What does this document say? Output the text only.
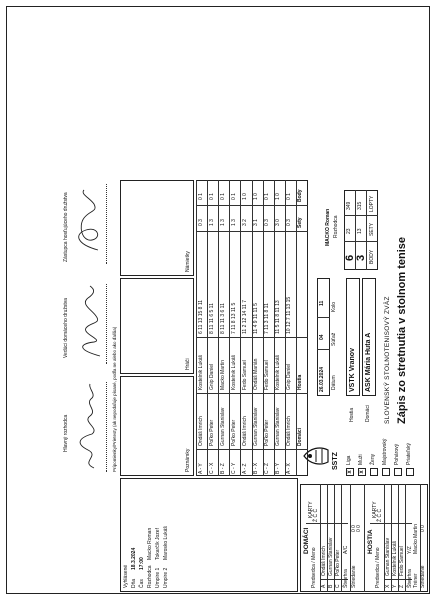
DOMÁCI
Predsedca / Meno
KARTY Ž Č Č
A
Ondáš Imrich
B
Gurnan Stanislav
C
Poľko Peter
Štvorhra
A/C
Striedanie
0 0 0 0
HOSTIA
Predsedca / Meno
KARTY Ž Č Č
X
Guman Stanislav
Y
Kostelnik Lukáš
Z
Fedo Samuel
Štvorhra
Y/Z
Tréner
Macko Martin
Striedanie
0 0
SSTZ
x
Liga
x
Muži Ženy Majstrovský Pohárový Priateľský
Zápis zo stretnutia v stolnom tenise
SLOVENSKÝ STOLNOTENISOVÝ ZVÄZ
Domáci
ASK Mária Huta A
Hostia
VSTK Vranov
Dátum
Súťaž
Kolo
26.03.2024
04
11
BODY
SETY
LOPTY
3
13
315
6
23
349
Rozhodca
MACKO Roman
Domáci
Hostia
Sety
Body
A - X
Ondáš Imrich
Gnip Daniel
10 12 7 11 13 15
0 3
0 1
B - Y
Gurnan Stanislav
Kostelnik Lukáš
11 5 11 8 11 13
3 0
1 0
C - Z
Poľko Peter
Fedo Samuel
7 11 3 11 8 11
0 3
0 1
B - X
Gurnan Stanislav
Ondáš Marián
11 4 9 11 11 5
3 1
1 0
A - Z
Ondáš Imrich
Fedo Samuel
11 2 12 14 11 7
3 2
1 0
C - Y
Poľko Peter
Kostelnik Lukáš
7 11 8 13 11 5
1 3
0 1
B - Z
Gurnan Stanislav
Macko Martin
8 11 11 3 6 11
1 3
0 1
C - X
Poľko Peter
Gnip Daniel
8 11 11 6 5 11
1 3
0 1
A - Y
Ondáš Imrich
Kostelnik Lukáš
6 11 13 15 8 11
0 3
0 1
Poznámky
Hráči
Námietky
Prípomienky/Prietesty (ak nepodaľuje písané, podľa ne alebo ako ďalšia)
Hlavný rozhodca
Vedúci domáceho družstva
Zástupca hosťujúceho družstva
Vyhlásené Dňa
18.3.2024
Čas
17:00
Rozhodca
Macko Roman
Umpire 1
Tokarčík Jozef
Umpire 2
Marosko Lukáš
